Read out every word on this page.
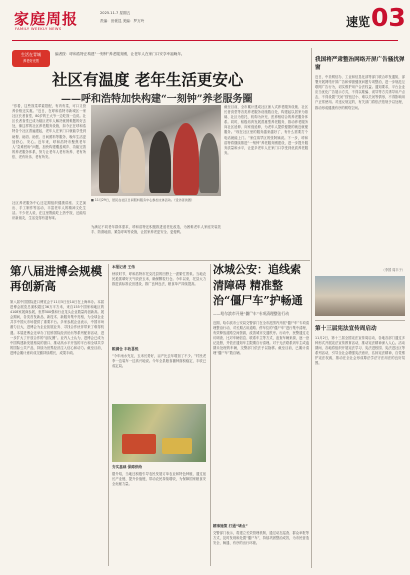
家庭周报
FAMILY WEEKLY NEWS
2025.11.7 星期五
责编：田豪昆 美编：罗万玲	速览 03
生活在青城
养老好光景
编者按：呼和浩特正构建“一刻钟”养老服务圈，让老年人在家门口安享幸福晚年。
社区有温度 老年生活更安心
——呼和浩特加快构建“一刻钟”养老服务圈
“你看，这些饭菜荤素搭配，有肉有菜，可口又营养价格还实惠。”近日，在呼和浩特市新城区一家社区长者食堂，80岁的王大爷一边吃饭一边说。社区长者食堂已成为辖区老年人解决就餐难题的好去处，像这样的社区养老服务设施，如今正在呼和浩特各个社区普遍建起，老年人在家门口就能享受到助餐、助浴、助医、日间照料等服务，晚年生活更加舒心、安心。近年来，呼和浩特市聚焦老年人“急难愁盼”问题，加快构建覆盖城乡、功能完善的养老服务体系，努力让老年人老有所养、老有所依、老有所乐、老有所安。
■ 11月29日，居民在社区日间照料服务中心参加文体活动。（受访者供图）
截至目前，全市累计建成社区嵌入式养老服务设施、社区长者食堂等各类养老服务设施数百处，构建起以居家为基础、社区为依托、机构为补充、医养相结合的养老服务体系。同时，积极培育发展普惠型养老服务，推动养老服务向社区延伸、向家庭延伸，为老年人提供便捷的就近就便服务。“现在社区里的服务越来越好了，有什么需要打个电话就能上门。”家住赛罕区的张阿姨说。下一步，呼和浩特将继续推进“一刻钟”养老服务圈建设，进一步提升服务质量和水平，让更多老年人在家门口享受到优质养老服务。
社区养老服务中心还定期组织健康讲座、文艺演出、手工制作等活动，丰富老年人的精神文化生活。不少老人说，在这里既能吃上热乎饭，还能结识新朋友，生活变得有滋有味。
为满足不同老年群体需求，呼和浩特还积极推进适老化改造，为困难老年人家庭安装扶手、防滑地面、紧急呼叫等设施，让居家养老更安全、更便利。
第八届进博会规模再创新高
第八届中国国际进口博览会于11月5日至10日在上海举办。本届进博会展览总面积超过36万平方米，来自155个国家和地区的4108家展商参展，世界500强和行业龙头企业数量再创新高。展会期间，各类首发新品、新技术、新服务集中亮相，为全球企业共享中国大市场提供了重要平台。多家参展企业表示，中国市场潜力巨大，进博会为企业拓展业务、寻找合作伙伴带来了难得机遇。本届进博会还举办了虹桥国际经济论坛等系列配套活动，进一步扩大了开放合作的“朋友圈”。业内人士认为，进博会已成为中国构建新发展格局的窗口、推动高水平开放的平台和全球共享的国际公共产品，持续为世界经济注入信心和动力。截至目前，进博会累计意向成交额持续增长，成果丰硕。
本报记者 王伟
秋收时节，呼和浩特市托克托县的田野上一派繁忙景象。当地农民抢抓晴好天气收获玉米，确保颗粒归仓。今年以来，托县大力推进高标准农田建设，推广良种良法，粮食单产持续提高。
粮满仓 丰收喜悦
“今年雨水充足，玉米长势好，亩产比去年增加了不少。”村民老李一边装车一边高兴地说。今年全县粮食播种面积稳定，丰收已成定局。
夯实基础 保障供给
据介绍，当地还积极引导农民发展订单农业和特色种植，通过延长产业链、提升价值链，带动农民持续增收，为保障国家粮食安全贡献力量。
冰城公安：追线索 清障碍 精准整治“僵尸车”护畅通
——哈尔滨市开展“僵尸车”专项清理整治行动
近期，哈尔滨市公安局交警部门在全市范围内开展“僵尸车”专项清理整治行动，对长期占用道路、停车位的“僵尸车”进行集中清理，有效释放道路空间资源，改善城市交通秩序。行动中，民警通过走访调查、比对车辆信息、联系车主等方式，追查车辆来源，逐一登记造册，并依法通知车主限期自行清理。对于无法联系到车主或逾期未处理的车辆，交警部门依法予以拖移。截至目前，已累计清理“僵尸车”数百辆。
精准施策 打通“堵点”
交警部门表示，将建立长效管理机制，通过动态巡查、群众举报等方式，及时发现和处置“僵尸车”，持续巩固整治成效，为市民营造安全、畅通、有序的出行环境。
我国将严肃整治网络开屏广告骚扰弹窗
近日，中央网信办、工业和信息化部等部门联合印发通知，部署开展网络开屏广告和弹窗骚扰问题专项整治，进一步规范互联网广告行为，切实维护用户合法权益。通知要求，平台企业应当优化广告展示方式，不得以欺骗、误导等方式诱导用户点击，不得设置“关闭”按钮过小、难以关闭等情形，不得影响用户正常使用。对违反规定的，有关部门将依法依规予以处理，推动形成健康有序的网络空间。
（李国 周丰子）
第十三届宪法宣传周启动
11月2日，第十三届全国宪法宣传周启动，各地各部门通过多种形式开展宪法宣传教育活动，推动宪法精神深入人心。活动期间，各地将组织开展宪法学习、宪法进校园、宪法进社区等系列活动，引导全社会增强宪法意识，弘扬宪法精神，自觉维护宪法权威，推动在全社会形成尊法学法守法用法的良好氛围。
